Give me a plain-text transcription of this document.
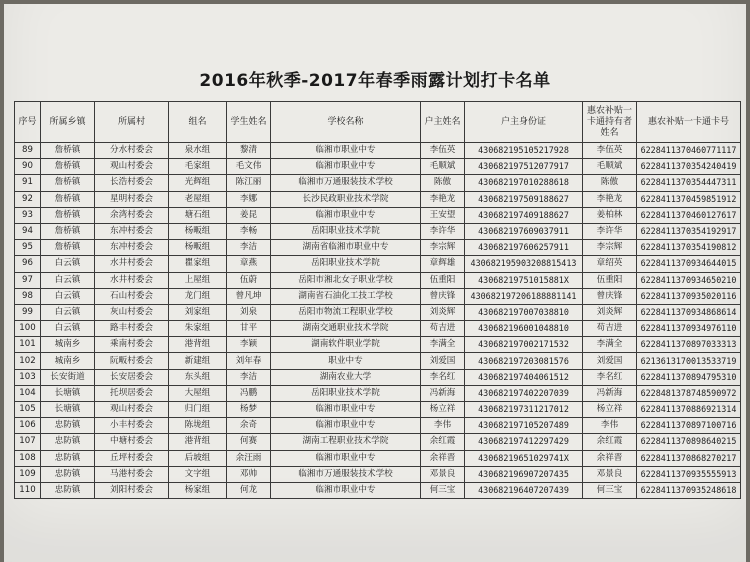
2016年秋季-2017年春季雨露计划打卡名单
序号	所属乡镇	所属村	组名	学生姓名	学校名称	户主姓名	户主身份证	惠农补贴一卡通持有者姓名	惠农补贴一卡通卡号
89	詹桥镇	分水村委会	泉水组	黎清	临湘市职业中专	李伍英	430682195105217928	李伍英	6228411370460771117
90	詹桥镇	观山村委会	毛家组	毛文伟	临湘市职业中专	毛顺斌	430682197512077917	毛顺斌	6228411370354240419
91	詹桥镇	长浩村委会	光辉组	陈江丽	临湘市万通服装技术学校	陈傲	430682197010288618	陈傲	6228411370354447311
92	詹桥镇	星明村委会	老屋组	李娜	长沙民政职业技术学院	李艳龙	430682197509188627	李艳龙	6228411370459851912
93	詹桥镇	余湾村委会	塘石组	姜昆	临湘市职业中专	王安望	430682197409188627	姜柏林	6228411370460127617
94	詹桥镇	东冲村委会	杨畈组	李畅	岳阳职业技术学院	李许华	430682197609037911	李许华	6228411370354192917
95	詹桥镇	东冲村委会	杨畈组	李洁	湖南省临湘市职业中专	李宗辉	430682197606257911	李宗辉	6228411370354190812
96	白云镇	水井村委会	瞿家组	章燕	岳阳职业技术学院	章辉雄	430682195903208815413	章绍英	6228411370934644015
97	白云镇	水井村委会	上屋组	伍蔚	岳阳市湘北女子职业学校	伍重阳	43068219751015881X	伍重阳	6228411370934650210
98	白云镇	石山村委会	龙门组	曾凡坤	湖南省石油化工技工学校	曾庆锋	430682197206188881141	曾庆锋	6228411370935020116
99	白云镇	灰山村委会	刘家组	刘泉	岳阳市物流工程职业学校	刘炎辉	430682197007038810	刘炎辉	6228411370934868614
100	白云镇	路丰村委会	朱家组	甘平	湖南交通职业技术学院	苟吉进	430682196001048810	苟吉进	6228411370934976110
101	城南乡	乘南村委会	港背组	李颖	湖南软件职业学院	李满全	430682197002171532	李满全	6228411370897033313
102	城南乡	阮畈村委会	新建组	刘年春	职业中专	刘爱国	430682197203081576	刘爱国	6213613170013533719
103	长安街道	长安居委会	东头组	李洁	湖南农业大学	李名红	430682197404061512	李名红	6228411370894795310
104	长塘镇	托坝居委会	大屋组	冯鹏	岳阳职业技术学院	冯新海	430682197402207039	冯新海	6228481378748590972
105	长塘镇	观山村委会	归门组	杨梦	临湘市职业中专	杨立祥	430682197311217012	杨立祥	6228411370886921314
106	忠防镇	小丰村委会	陈垅组	余奇	临湘市职业中专	李伟	430682197105207489	李伟	6228411370897100716
107	忠防镇	中塘村委会	港背组	何赛	湖南工程职业技术学院	余红霞	430682197412297429	余红霞	6228411370898640215
108	忠防镇	丘坪村委会	后坡组	余汪雨	临湘市职业中专	余祥晋	43068219651029741X	余祥晋	6228411370868270217
109	忠防镇	马港村委会	文字组	邓帅	临湘市万通服装技术学校	邓景良	430682196907207435	邓景良	6228411370935555913
110	忠防镇	刘阳村委会	杨家组	何龙	临湘市职业中专	何三宝	430682196407207439	何三宝	6228411370935248618
